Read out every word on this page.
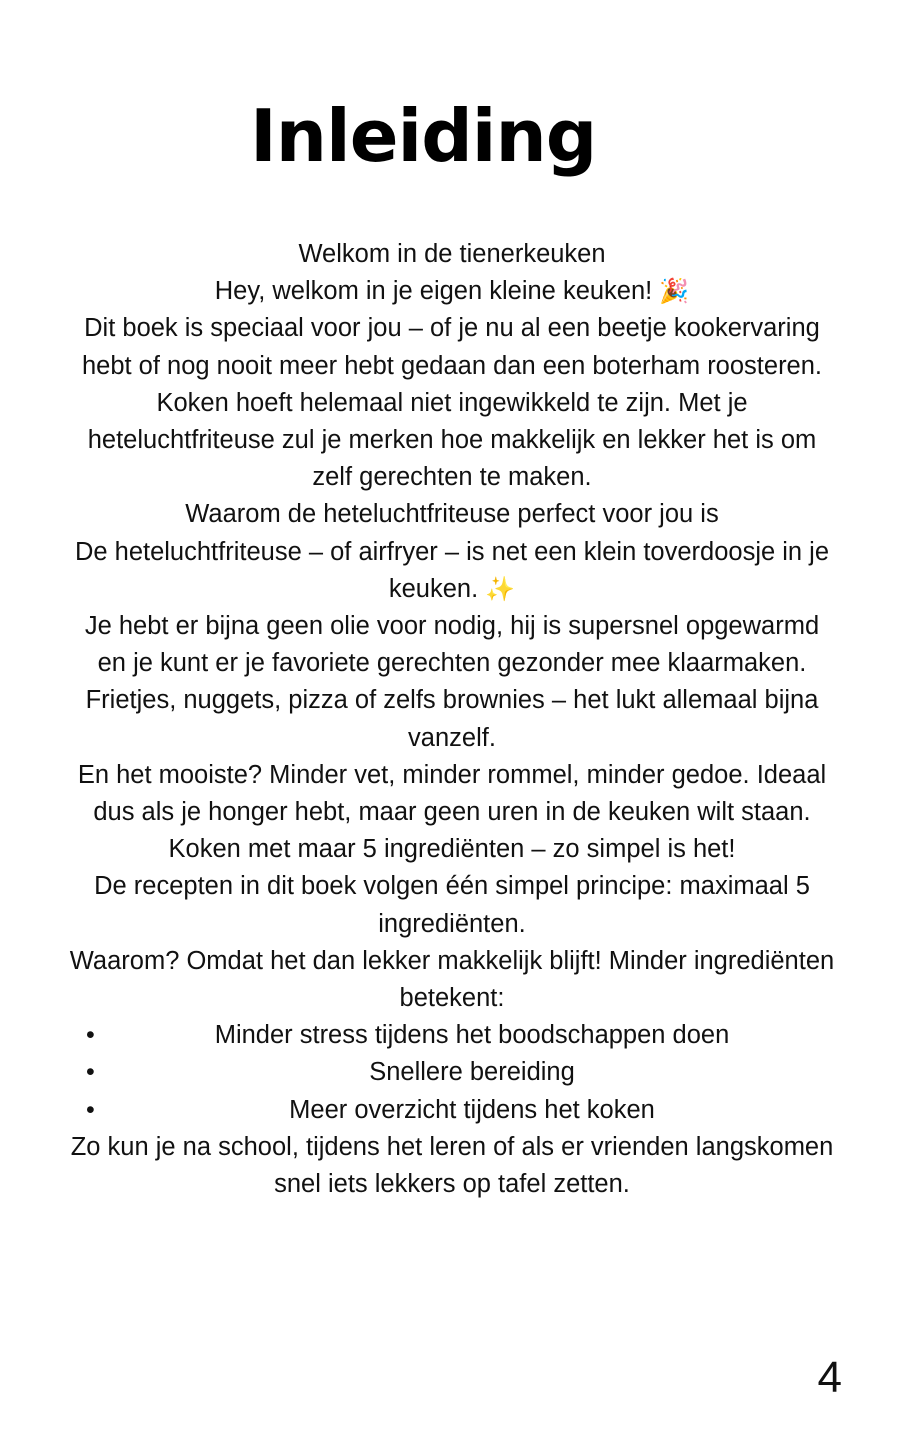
Inleiding

Welkom in de tienerkeuken

Hey, welkom in je eigen kleine keuken! 🎉

Dit boek is speciaal voor jou – of je nu al een beetje kookervaring hebt of nog nooit meer hebt gedaan dan een boterham roosteren. Koken hoeft helemaal niet ingewikkeld te zijn. Met je heteluchtfriteuse zul je merken hoe makkelijk en lekker het is om zelf gerechten te maken.

Waarom de heteluchtfriteuse perfect voor jou is

De heteluchtfriteuse – of airfryer – is net een klein toverdoosje in je keuken. ✨

Je hebt er bijna geen olie voor nodig, hij is supersnel opgewarmd en je kunt er je favoriete gerechten gezonder mee klaarmaken. Frietjes, nuggets, pizza of zelfs brownies – het lukt allemaal bijna vanzelf.

En het mooiste? Minder vet, minder rommel, minder gedoe. Ideaal dus als je honger hebt, maar geen uren in de keuken wilt staan.

Koken met maar 5 ingrediënten – zo simpel is het!

De recepten in dit boek volgen één simpel principe: maximaal 5 ingrediënten.

Waarom? Omdat het dan lekker makkelijk blijft! Minder ingrediënten betekent:

•	Minder stress tijdens het boodschappen doen
•	Snellere bereiding
•	Meer overzicht tijdens het koken

Zo kun je na school, tijdens het leren of als er vrienden langskomen snel iets lekkers op tafel zetten.

4
